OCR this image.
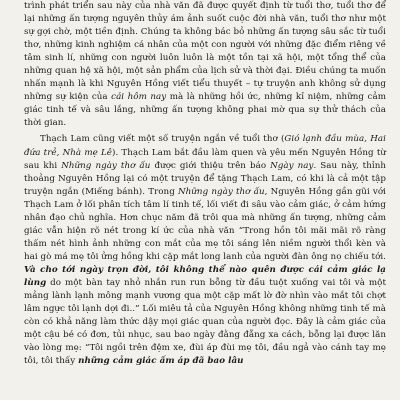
trình phát triển sau này của nhà văn đã được quyết định từ tuổi thơ, tuổi thơ để lại những ấn tượng nguyên thủy ám ảnh suốt cuộc đời nhà văn, tuổi thơ như một sự gợi chờ, một tiền định. Chúng ta không bác bỏ những ấn tượng sâu sắc từ tuổi thơ, những kinh nghiệm cá nhân của một con người với những đặc điểm riêng về tâm sinh lí, những con người luôn luôn là một tồn tại xã hội, một tổng thể của những quan hệ xã hội, một sản phẩm của lịch sử và thời đại. Điều chúng ta muốn nhấn mạnh là khi Nguyên Hồng viết tiểu thuyết – tự truyện anh không sử dụng những sự kiện của cái hôm nay mà là những hồi ức, những kỉ niệm, những cảm giác tinh tế và sâu lắng, những ấn tượng không phai mờ qua sự thử thách của thời gian.

Thạch Lam cũng viết một số truyện ngắn về tuổi thơ (Gió lạnh đầu mùa, Hai đứa trẻ, Nhà mẹ Lê). Thạch Lam bắt đầu làm quen và yêu mến Nguyên Hồng từ sau khi Những ngày thơ ấu được giới thiệu trên báo Ngày nay. Sau này, thỉnh thoảng Nguyên Hồng lại có một truyện để tặng Thạch Lam, có khi là cả một tập truyện ngắn (Miếng bánh). Trong Những ngày thơ ấu, Nguyên Hồng gần gũi với Thạch Lam ở lối phân tích tâm lí tinh tế, lối viết đi sâu vào cảm giác, ở cảm hứng nhân đạo chủ nghĩa. Hơn chục năm đã trôi qua mà những ấn tượng, những cảm giác vẫn hiện rõ nét trong kí ức của nhà văn “Trong hồn tôi mãi mãi rõ ràng thấm nét hình ảnh những con mắt của mẹ tôi sáng lên niềm người thổi kèn và hai gò má mẹ tôi ửng hồng khi cặp mắt long lanh của người đàn ông nọ chiếu tới. Và cho tới ngày trọn đời, tôi không thể nào quên được cái cảm giác lạ lùng do một bàn tay nhỏ nhắn run run bỗng từ đầu tuột xuống vai tôi và một mảng lành lạnh mông mạnh vương qua một cặp mất lờ đờ nhìn vào mắt tôi chợt lâm ngực tôi lạnh dợi đi..” Lối miêu tả của Nguyên Hồng không những tinh tế mà còn có khả năng làm thức dậy mọi giác quan của người đọc. Đây là cảm giác của một cậu bé có đơn, tủi nhục, sau bao ngày đằng đẵng xa cách, bỗng lại được lăn vào lòng mẹ: “Tôi ngồi trên đệm xe, đùi áp đùi mẹ tôi, đầu ngả vào cánh tay mẹ tôi, tôi thấy những cảm giác ấm áp đã bao lâu
